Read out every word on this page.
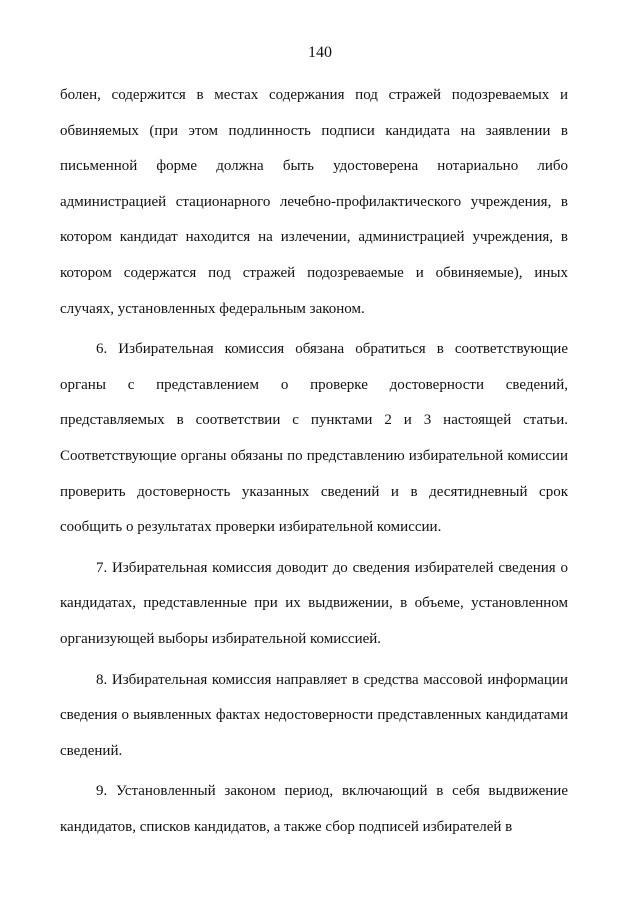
140

болен, содержится в местах содержания под стражей подозреваемых и обвиняемых (при этом подлинность подписи кандидата на заявлении в письменной форме должна быть удостоверена нотариально либо администрацией стационарного лечебно-профилактического учреждения, в котором кандидат находится на излечении, администрацией учреждения, в котором содержатся под стражей подозреваемые и обвиняемые), иных случаях, установленных федеральным законом.

6. Избирательная комиссия обязана обратиться в соответствующие органы с представлением о проверке достоверности сведений, представляемых в соответствии с пунктами 2 и 3 настоящей статьи. Соответствующие органы обязаны по представлению избирательной комиссии проверить достоверность указанных сведений и в десятидневный срок сообщить о результатах проверки избирательной комиссии.

7. Избирательная комиссия доводит до сведения избирателей сведения о кандидатах, представленные при их выдвижении, в объеме, установленном организующей выборы избирательной комиссией.

8. Избирательная комиссия направляет в средства массовой информации сведения о выявленных фактах недостоверности представленных кандидатами сведений.

9. Установленный законом период, включающий в себя выдвижение кандидатов, списков кандидатов, а также сбор подписей избирателей в
